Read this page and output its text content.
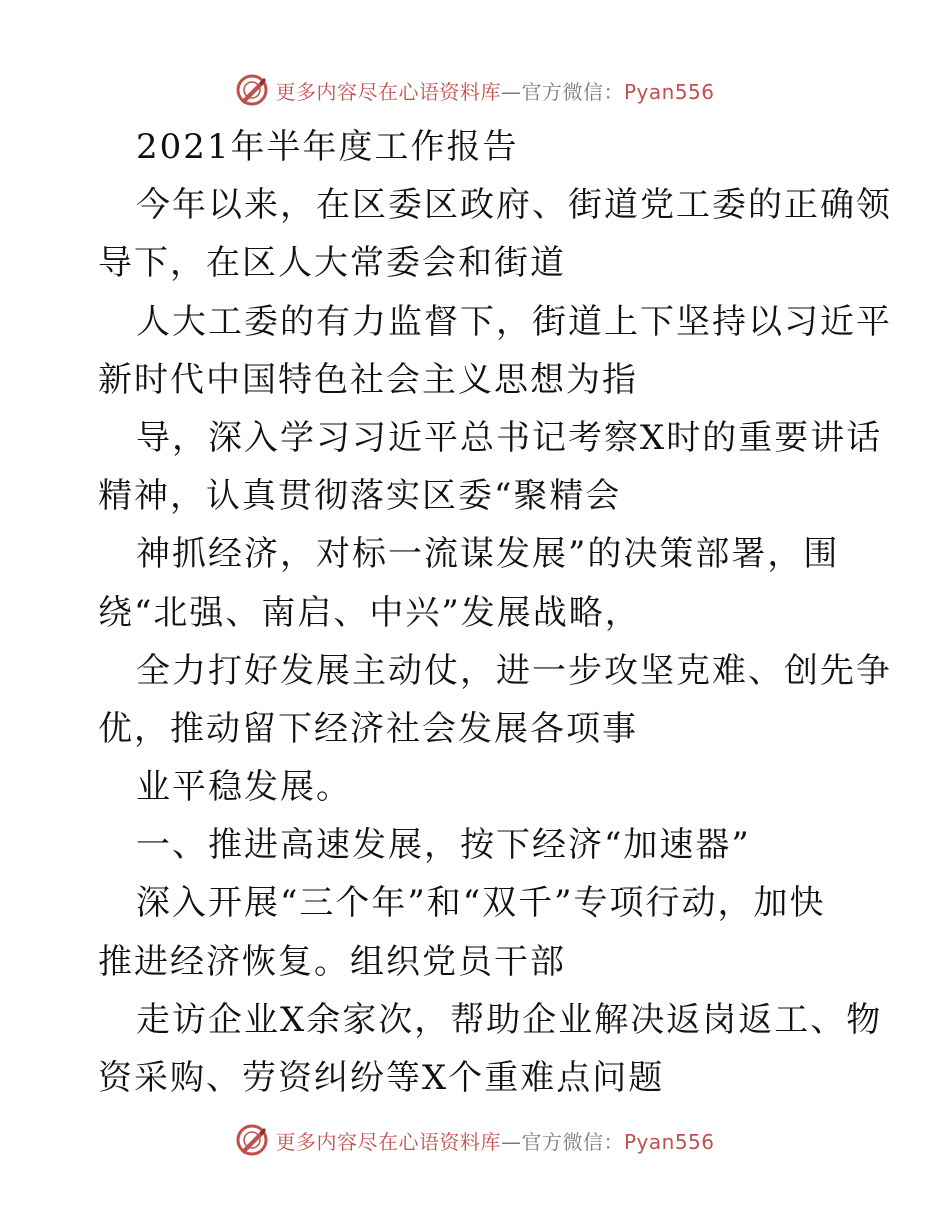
更多内容尽在心语资料库—官方微信：Pyan556
2021年半年度工作报告
今年以来，在区委区政府、街道党工委的正确领
导下，在区人大常委会和街道
人大工委的有力监督下，街道上下坚持以习近平
新时代中国特色社会主义思想为指
导，深入学习习近平总书记考察X时的重要讲话
精神，认真贯彻落实区委“聚精会
神抓经济，对标一流谋发展”的决策部署，围
绕“北强、南启、中兴”发展战略，
全力打好发展主动仗，进一步攻坚克难、创先争
优，推动留下经济社会发展各项事
业平稳发展。
一、推进高速发展，按下经济“加速器”
深入开展“三个年”和“双千”专项行动，加快
推进经济恢复。组织党员干部
走访企业X余家次，帮助企业解决返岗返工、物
资采购、劳资纠纷等X个重难点问题
更多内容尽在心语资料库—官方微信：Pyan556
